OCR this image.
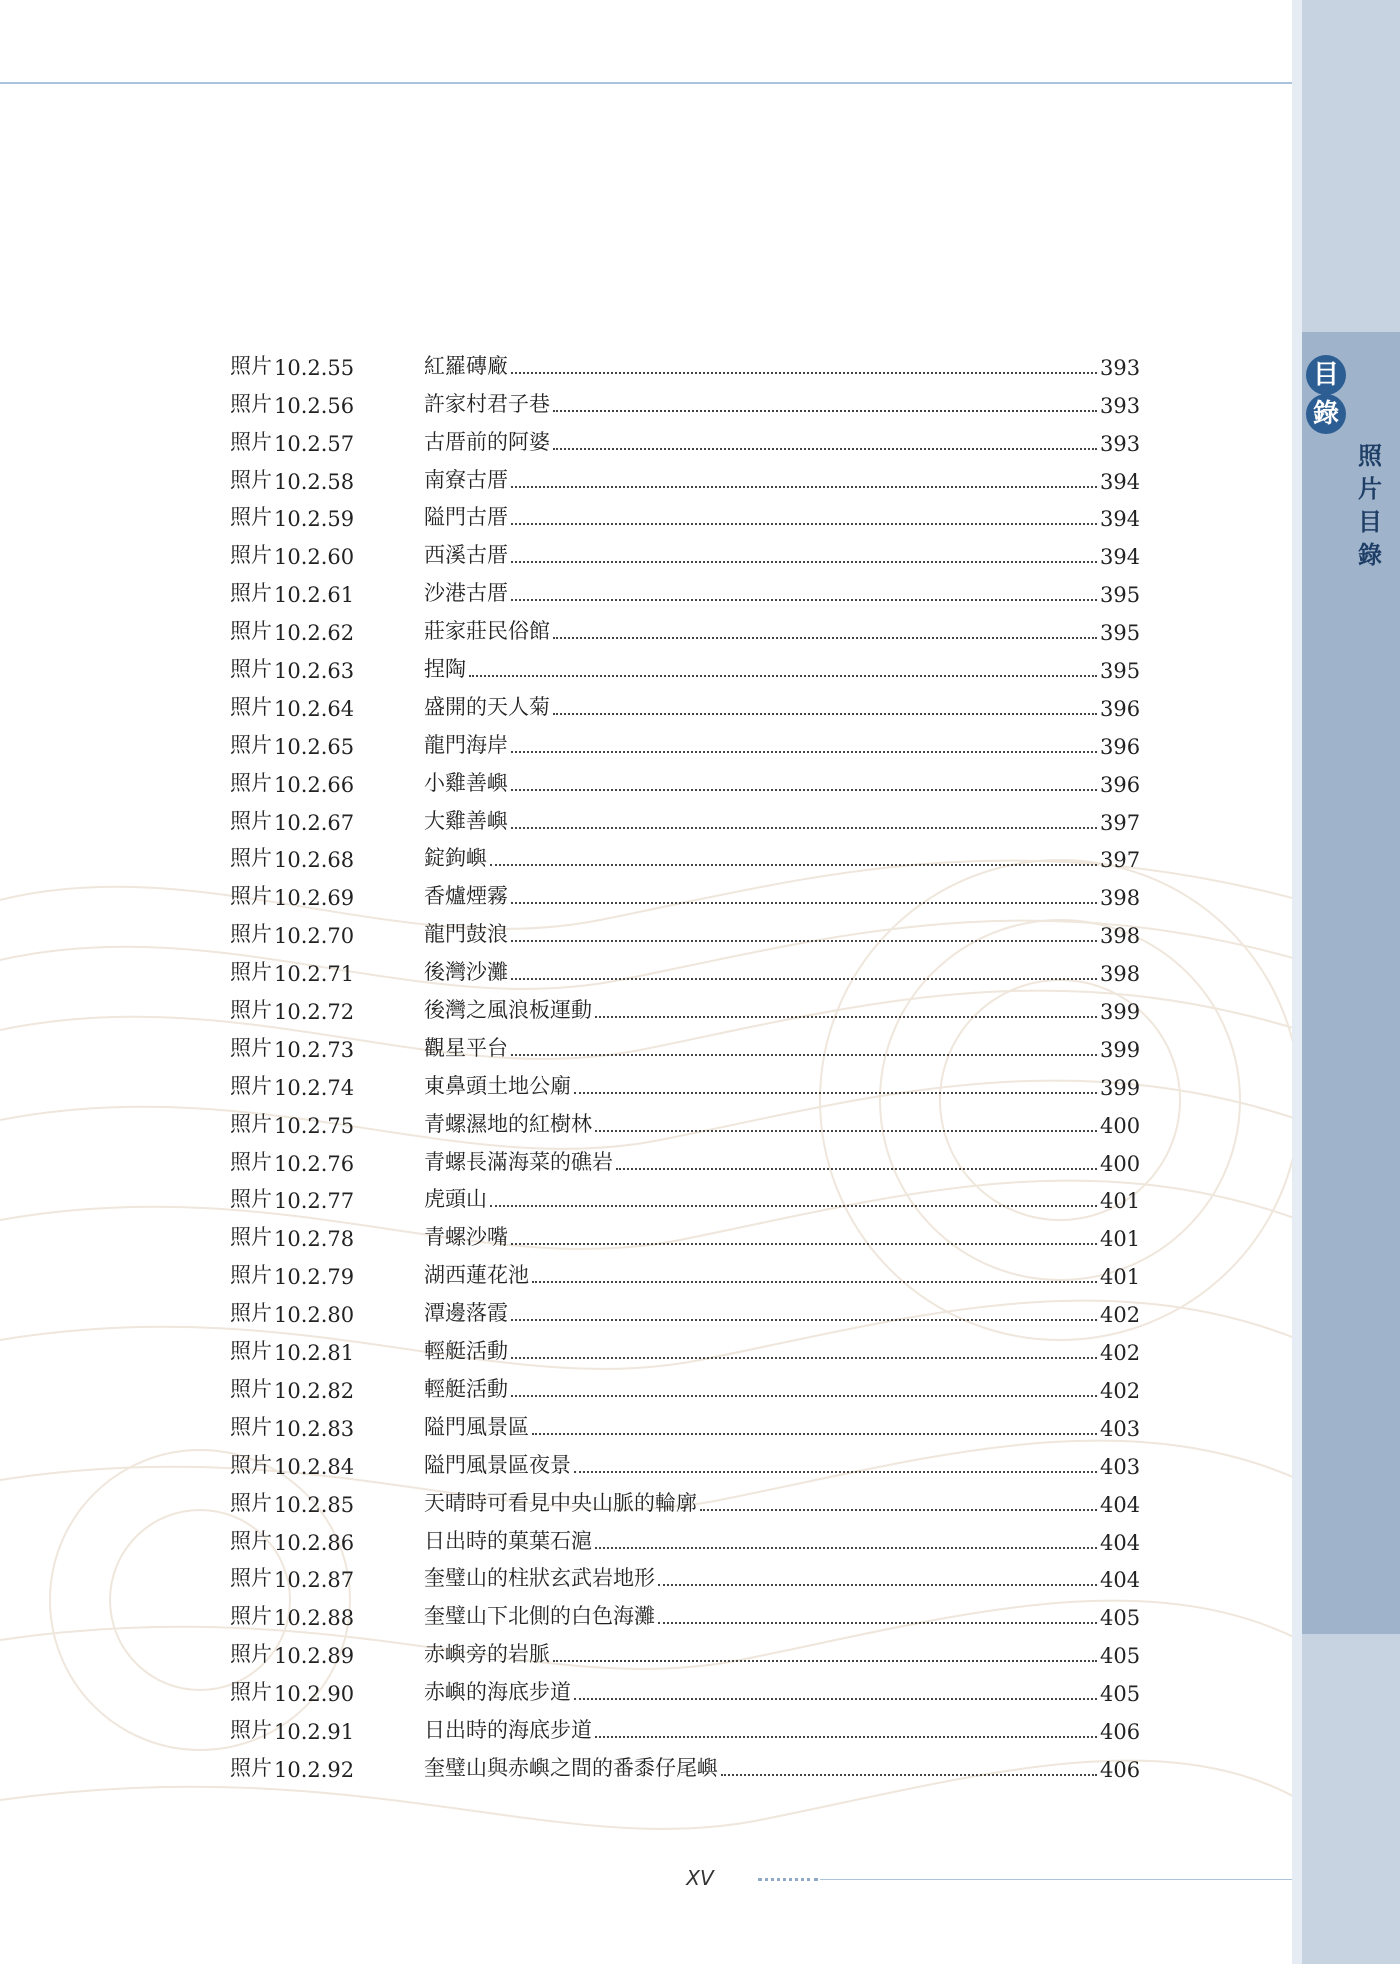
目
錄
照
片
目
錄
照片 10.2.55	紅羅磚廠	393
照片 10.2.56	許家村君子巷	393
照片 10.2.57	古厝前的阿婆	393
照片 10.2.58	南寮古厝	394
照片 10.2.59	隘門古厝	394
照片 10.2.60	西溪古厝	394
照片 10.2.61	沙港古厝	395
照片 10.2.62	莊家莊民俗館	395
照片 10.2.63	捏陶	395
照片 10.2.64	盛開的天人菊	396
照片 10.2.65	龍門海岸	396
照片 10.2.66	小雞善嶼	396
照片 10.2.67	大雞善嶼	397
照片 10.2.68	錠鉤嶼	397
照片 10.2.69	香爐煙霧	398
照片 10.2.70	龍門鼓浪	398
照片 10.2.71	後灣沙灘	398
照片 10.2.72	後灣之風浪板運動	399
照片 10.2.73	觀星平台	399
照片 10.2.74	東鼻頭土地公廟	399
照片 10.2.75	青螺濕地的紅樹林	400
照片 10.2.76	青螺長滿海菜的礁岩	400
照片 10.2.77	虎頭山	401
照片 10.2.78	青螺沙嘴	401
照片 10.2.79	湖西蓮花池	401
照片 10.2.80	潭邊落霞	402
照片 10.2.81	輕艇活動	402
照片 10.2.82	輕艇活動	402
照片 10.2.83	隘門風景區	403
照片 10.2.84	隘門風景區夜景	403
照片 10.2.85	天晴時可看見中央山脈的輪廓	404
照片 10.2.86	日出時的菓葉石滬	404
照片 10.2.87	奎璧山的柱狀玄武岩地形	404
照片 10.2.88	奎璧山下北側的白色海灘	405
照片 10.2.89	赤嶼旁的岩脈	405
照片 10.2.90	赤嶼的海底步道	405
照片 10.2.91	日出時的海底步道	406
照片 10.2.92	奎璧山與赤嶼之間的番黍仔尾嶼	406
XV
